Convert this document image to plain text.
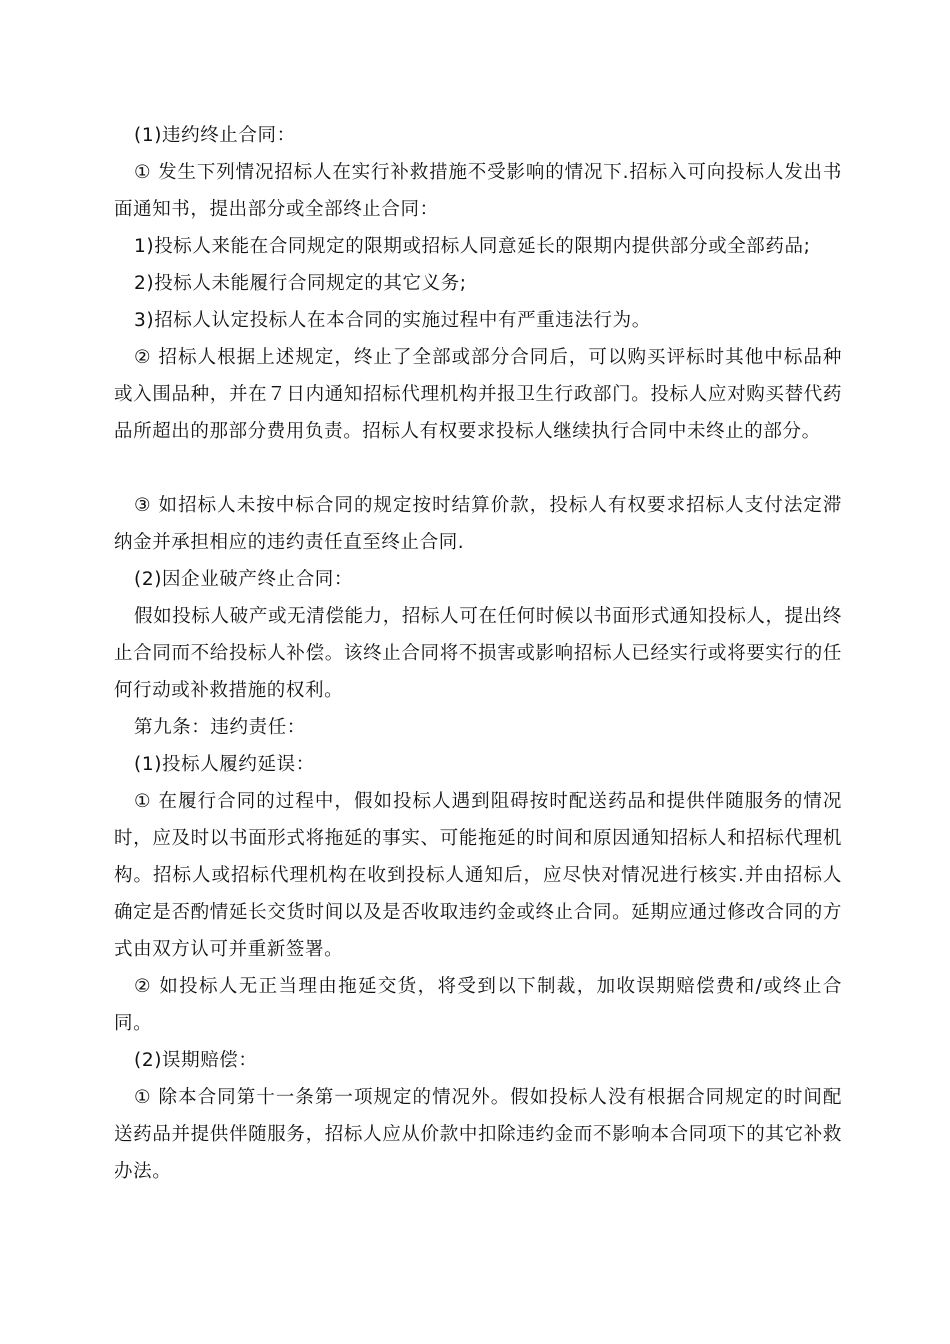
(1)违约终止合同：

① 发生下列情况招标人在实行补救措施不受影响的情况下.招标入可向投标人发出书面通知书，提出部分或全部终止合同：

1)投标人来能在合同规定的限期或招标人同意延长的限期内提供部分或全部药品;

2)投标人未能履行合同规定的其它义务;

3)招标人认定投标人在本合同的实施过程中有严重违法行为。

② 招标人根据上述规定，终止了全部或部分合同后，可以购买评标时其他中标品种或入围品种，并在７日内通知招标代理机构并报卫生行政部门。投标人应对购买替代药品所超出的那部分费用负责。招标人有权要求投标人继续执行合同中未终止的部分。

③ 如招标人未按中标合同的规定按时结算价款，投标人有权要求招标人支付法定滞纳金并承担相应的违约责任直至终止合同.

(2)因企业破产终止合同：

假如投标人破产或无清偿能力，招标人可在任何时候以书面形式通知投标人，提出终止合同而不给投标人补偿。该终止合同将不损害或影响招标人已经实行或将要实行的任何行动或补救措施的权利。

第九条：违约责任：

(1)投标人履约延误：

① 在履行合同的过程中，假如投标人遇到阻碍按时配送药品和提供伴随服务的情况时，应及时以书面形式将拖延的事实、可能拖延的时间和原因通知招标人和招标代理机构。招标人或招标代理机构在收到投标人通知后，应尽快对情况进行核实.并由招标人确定是否酌情延长交货时间以及是否收取违约金或终止合同。延期应通过修改合同的方式由双方认可并重新签署。

② 如投标人无正当理由拖延交货，将受到以下制裁，加收误期赔偿费和/或终止合同。

(2)误期赔偿：

① 除本合同第十一条第一项规定的情况外。假如投标人没有根据合同规定的时间配送药品并提供伴随服务，招标人应从价款中扣除违约金而不影响本合同项下的其它补救办法。
